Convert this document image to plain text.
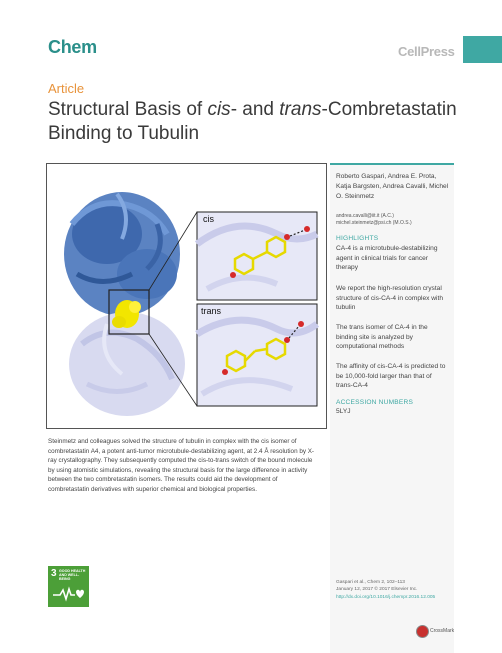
Chem	CellPress
Article
Structural Basis of cis- and trans-Combretastatin Binding to Tubulin
cis
trans
Steinmetz and colleagues solved the structure of tubulin in complex with the cis isomer of combretastatin A4, a potent anti-tumor microtubule-destabilizing agent, at 2.4 Å resolution by X-ray crystallography. They subsequently computed the cis-to-trans switch of the bound molecule by using atomistic simulations, revealing the structural basis for the large difference in activity between the two combretastatin isomers. The results could aid the development of combretastatin derivatives with superior chemical and biological properties.
3 GOOD HEALTH AND WELL-BEING
Roberto Gaspari, Andrea E. Prota, Katja Bargsten, Andrea Cavalli, Michel O. Steinmetz
andrea.cavalli@iit.it (A.C.)
michel.steinmetz@psi.ch (M.O.S.)
HIGHLIGHTS
CA-4 is a microtubule-destabilizing agent in clinical trials for cancer therapy
We report the high-resolution crystal structure of cis-CA-4 in complex with tubulin
The trans isomer of CA-4 in the binding site is analyzed by computational methods
The affinity of cis-CA-4 is predicted to be 10,000-fold larger than that of trans-CA-4
ACCESSION NUMBERS
5LYJ
Gaspari et al., Chem 2, 102–113
January 12, 2017 © 2017 Elsevier Inc.
http://dx.doi.org/10.1016/j.chempr.2016.12.005
CrossMark
